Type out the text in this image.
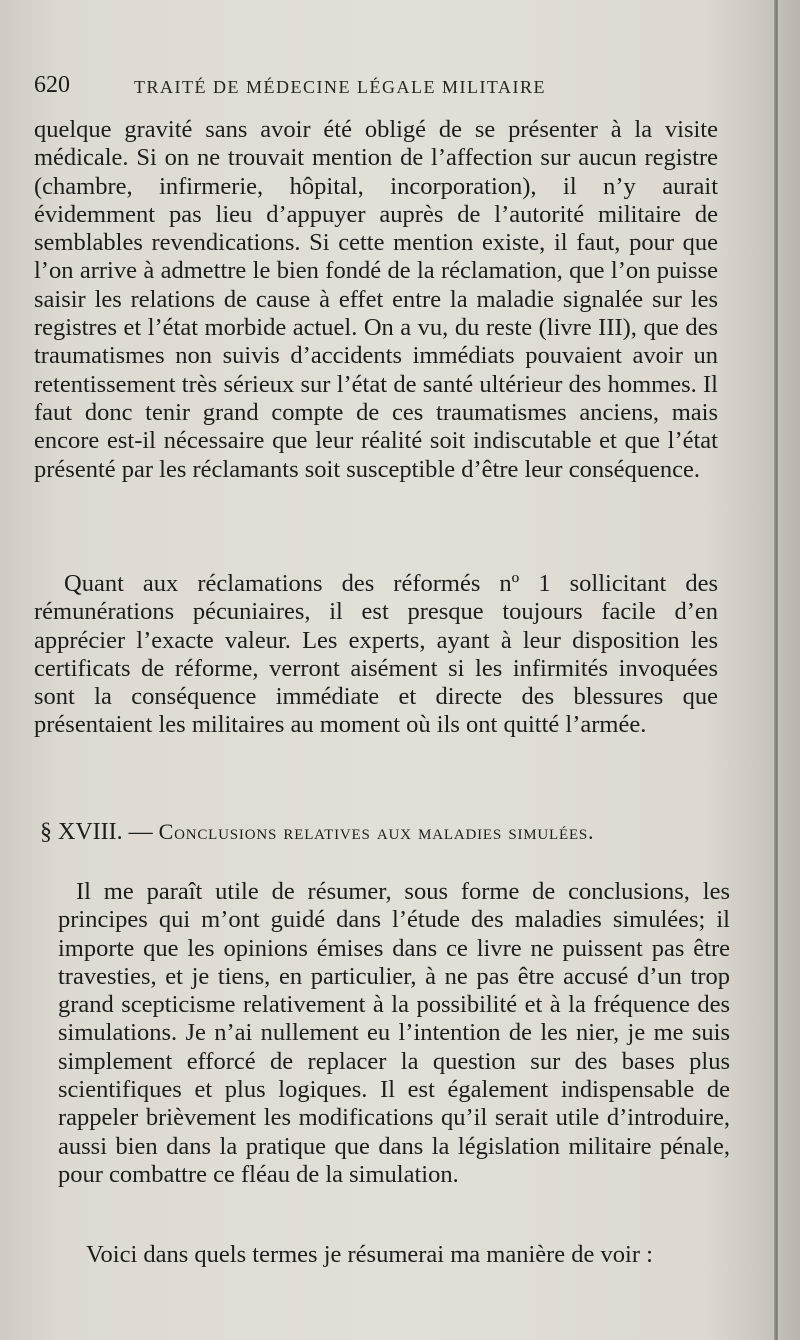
620	TRAITÉ DE MÉDECINE LÉGALE MILITAIRE
quelque gravité sans avoir été obligé de se présenter à la visite médicale. Si on ne trouvait mention de l’affection sur aucun registre (chambre, infirmerie, hôpital, incorporation), il n’y aurait évidemment pas lieu d’appuyer auprès de l’autorité militaire de semblables revendications. Si cette mention existe, il faut, pour que l’on arrive à admettre le bien fondé de la réclamation, que l’on puisse saisir les relations de cause à effet entre la maladie signalée sur les registres et l’état morbide actuel. On a vu, du reste (livre III), que des traumatismes non suivis d’accidents immédiats pouvaient avoir un retentissement très sérieux sur l’état de santé ultérieur des hommes. Il faut donc tenir grand compte de ces traumatismes anciens, mais encore est-il nécessaire que leur réalité soit indiscutable et que l’état présenté par les réclamants soit susceptible d’être leur conséquence.
Quant aux réclamations des réformés nº 1 sollicitant des rémunérations pécuniaires, il est presque toujours facile d’en apprécier l’exacte valeur. Les experts, ayant à leur disposition les certificats de réforme, verront aisément si les infirmités invoquées sont la conséquence immédiate et directe des blessures que présentaient les militaires au moment où ils ont quitté l’armée.
§ XVIII. — Conclusions relatives aux maladies simulées.
Il me paraît utile de résumer, sous forme de conclusions, les principes qui m’ont guidé dans l’étude des maladies simulées; il importe que les opinions émises dans ce livre ne puissent pas être travesties, et je tiens, en particulier, à ne pas être accusé d’un trop grand scepticisme relativement à la possibilité et à la fréquence des simulations. Je n’ai nullement eu l’intention de les nier, je me suis simplement efforcé de replacer la question sur des bases plus scientifiques et plus logiques. Il est également indispensable de rappeler brièvement les modifications qu’il serait utile d’introduire, aussi bien dans la pratique que dans la législation militaire pénale, pour combattre ce fléau de la simulation.
Voici dans quels termes je résumerai ma manière de voir :
